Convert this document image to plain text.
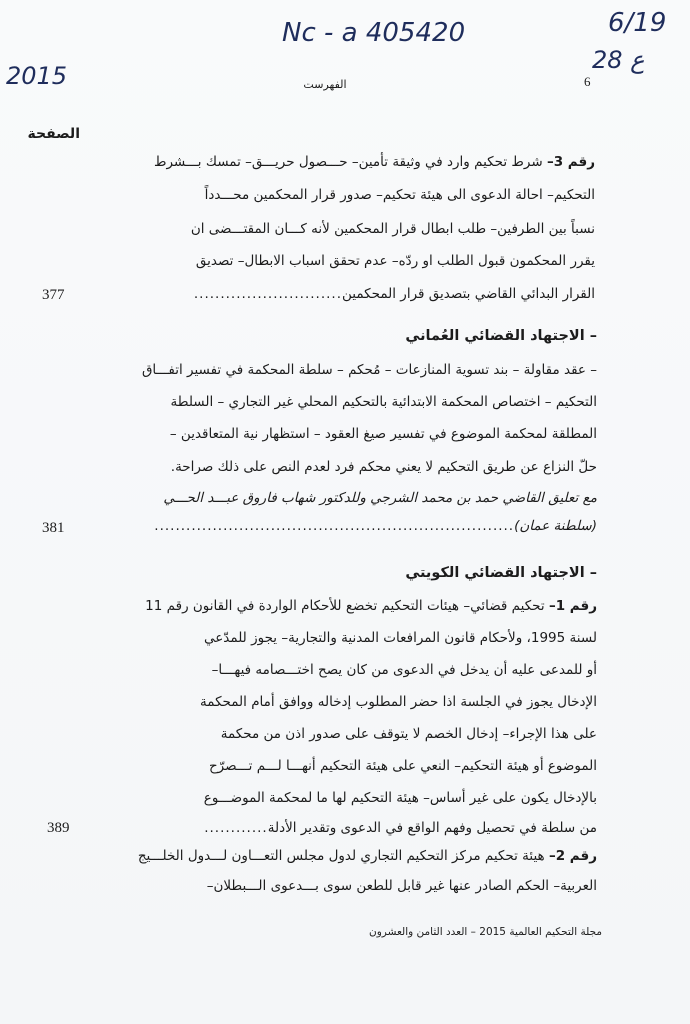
Nc - a 405420
2015
6/19
28 ع
6
الفهرست
الصفحة
رقم 3– شرط تحكيم وارد في وثيقة تأمين– حـــصول حريـــق– تمسك بـــشرط
التحكيم– احالة الدعوى الى هيئة تحكيم– صدور قرار المحكمين محـــدداً
نسباً بين الطرفين– طلب ابطال قرار المحكمين لأنه كـــان المقتـــضى ان
يقرر المحكمون قبول الطلب او ردّه– عدم تحقق اسباب الابطال– تصديق
القرار البدائي القاضي بتصديق قرار المحكمين............................
377
– الاجتهاد القضائي العُماني
– عقد مقاولة – بند تسوية المنازعات – مُحكم – سلطة المحكمة في تفسير اتفـــاق
التحكيم – اختصاص المحكمة الابتدائية بالتحكيم المحلي غير التجاري – السلطة
المطلقة لمحكمة الموضوع في تفسير صيغ العقود – استظهار نية المتعاقدين –
حلّ النزاع عن طريق التحكيم لا يعني محكم فرد لعدم النص على ذلك صراحة.
مع تعليق القاضي حمد بن محمد الشرجي وللدكتور شهاب فاروق عبـــد الحـــي
(سلطنة عمان)....................................................................
381
– الاجتهاد القضائي الكويتي
رقم 1– تحكيم قضائي– هيئات التحكيم تخضع للأحكام الواردة في القانون رقم 11
لسنة 1995، ولأحكام قانون المرافعات المدنية والتجارية– يجوز للمدّعي
أو للمدعى عليه أن يدخل في الدعوى من كان يصح اختـــصامه فيهـــا–
الإدخال يجوز في الجلسة اذا حضر المطلوب إدخاله ووافق أمام المحكمة
على هذا الإجراء– إدخال الخصم لا يتوقف على صدور اذن من محكمة
الموضوع أو هيئة التحكيم– النعي على هيئة التحكيم أنهـــا لـــم تـــصرّح
بالإدخال يكون على غير أساس– هيئة التحكيم لها ما لمحكمة الموضـــوع
من سلطة في تحصيل وفهم الواقع في الدعوى وتقدير الأدلة............
389
رقم 2– هيئة تحكيم مركز التحكيم التجاري لدول مجلس التعـــاون لـــدول الخلـــيج
العربية– الحكم الصادر عنها غير قابل للطعن سوى بـــدعوى الـــبطلان–
مجلة التحكيم العالمية 2015 – العدد الثامن والعشرون
